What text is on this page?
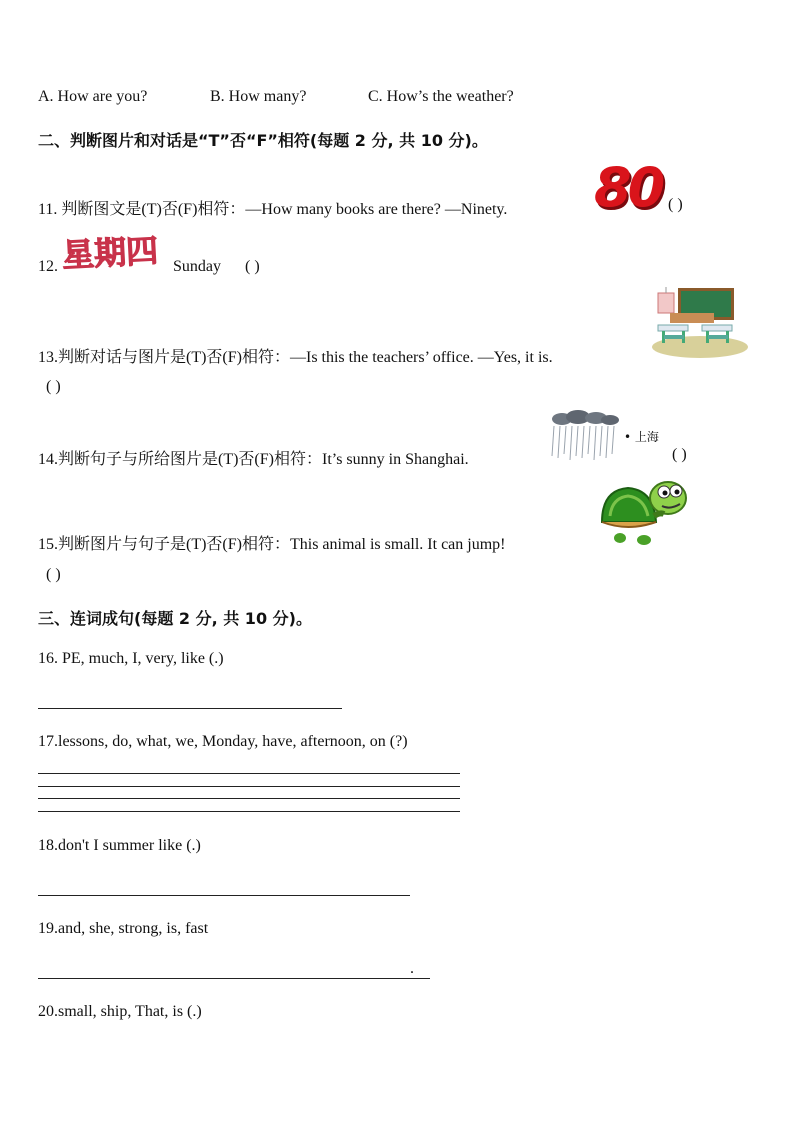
A. How are you?	B. How many?	C. How’s the weather?
二、判断图片和对话是“T”否“F”相符(每题 2 分, 共 10 分)。
11. 判断图文是(T)否(F)相符：—How many books are there? —Ninety. 80 ( )
12. 星期四 Sunday ( )
13.判断对话与图片是(T)否(F)相符：—Is this the teachers’ office. —Yes, it is.
( )
• 上海
14.判断句子与所给图片是(T)否(F)相符：It’s sunny in Shanghai.	( )
15.判断图片与句子是(T)否(F)相符：This animal is small. It can jump!
( )
三、连词成句(每题 2 分, 共 10 分)。
16. PE, much, I, very, like (.)
17.lessons, do, what, we, Monday, have, afternoon, on (?)
18.don't I summer like (.)
19.and, she, strong, is, fast
.
20.small, ship, That, is (.)
